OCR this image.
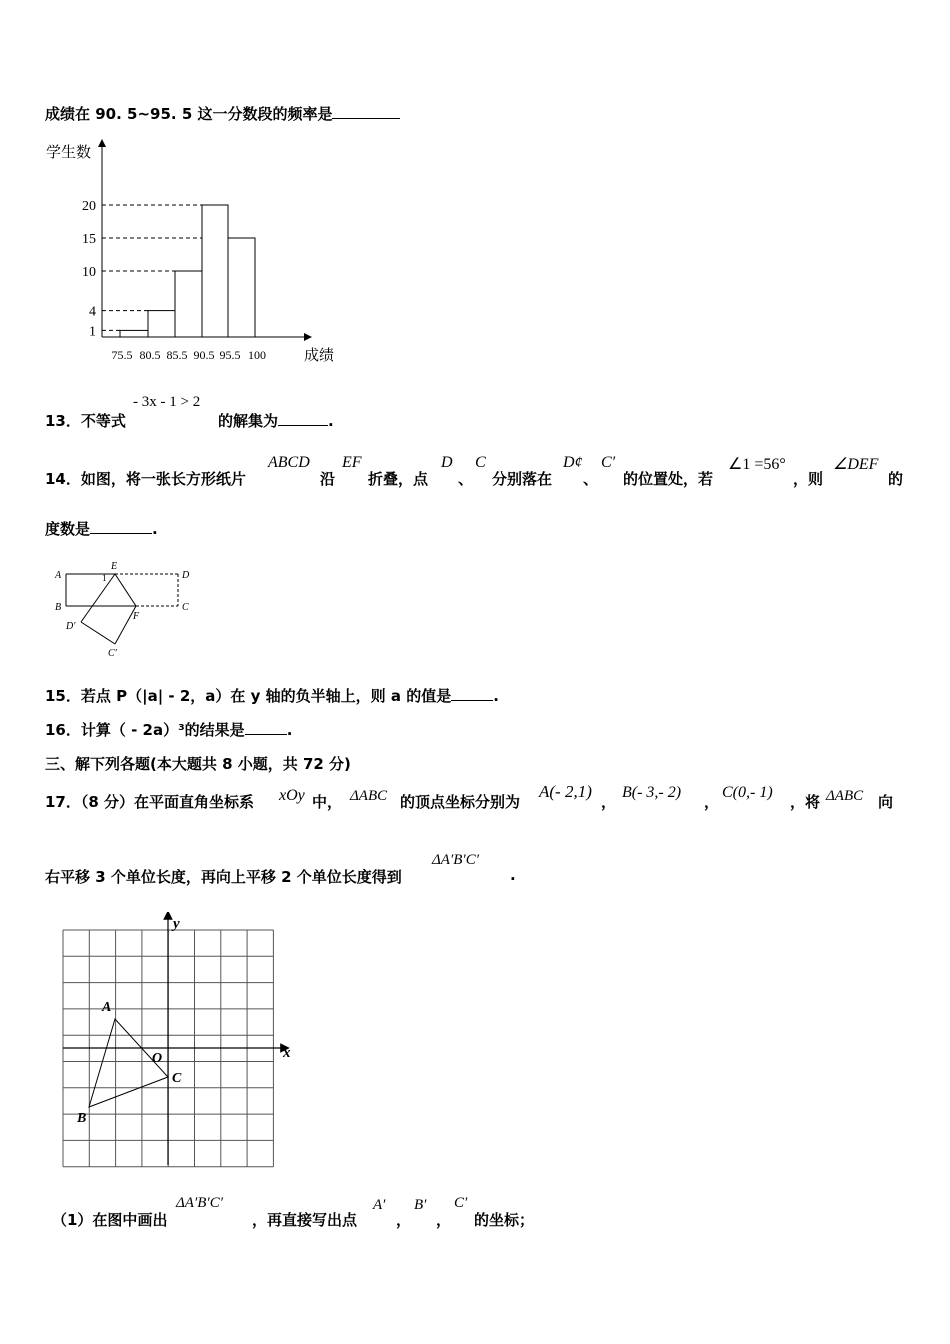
成绩在 90. 5~95. 5 这一分数段的频率是
学生数
1
4
10
15
20
75.5 80.5 85.5 90.5 95.5 100	成绩
13．不等式
- 3x - 1 > 2
的解集为	.
14．如图，将一张长方形纸片
ABCD
沿
EF
折叠，点
D
、
C
分别落在
D¢
、
C′
的位置处，若
∠1 =56°
，则
∠DEF
的
度数是	.
A
E
1	D
B	C
F
D′
C′
15．若点 P（|a| - 2，a）在 y 轴的负半轴上，则 a 的值是	.
16．计算（ - 2a）³的结果是	.
三、解下列各题(本大题共 8 小题，共 72 分)
17．（8 分）在平面直角坐标系 xOy 中， ΔABC 的顶点坐标分别为
A(- 2,1)
，
B(- 3,- 2)
，
C(0,- 1)
，将 ΔABC 向
右平移 3 个单位长度，再向上平移 2 个单位长度得到
ΔA′B′C′
.
x
y
O
A
B
C
（1）在图中画出
ΔA′B′C′
，再直接写出点
A′
，
B′
，
C′
的坐标；
